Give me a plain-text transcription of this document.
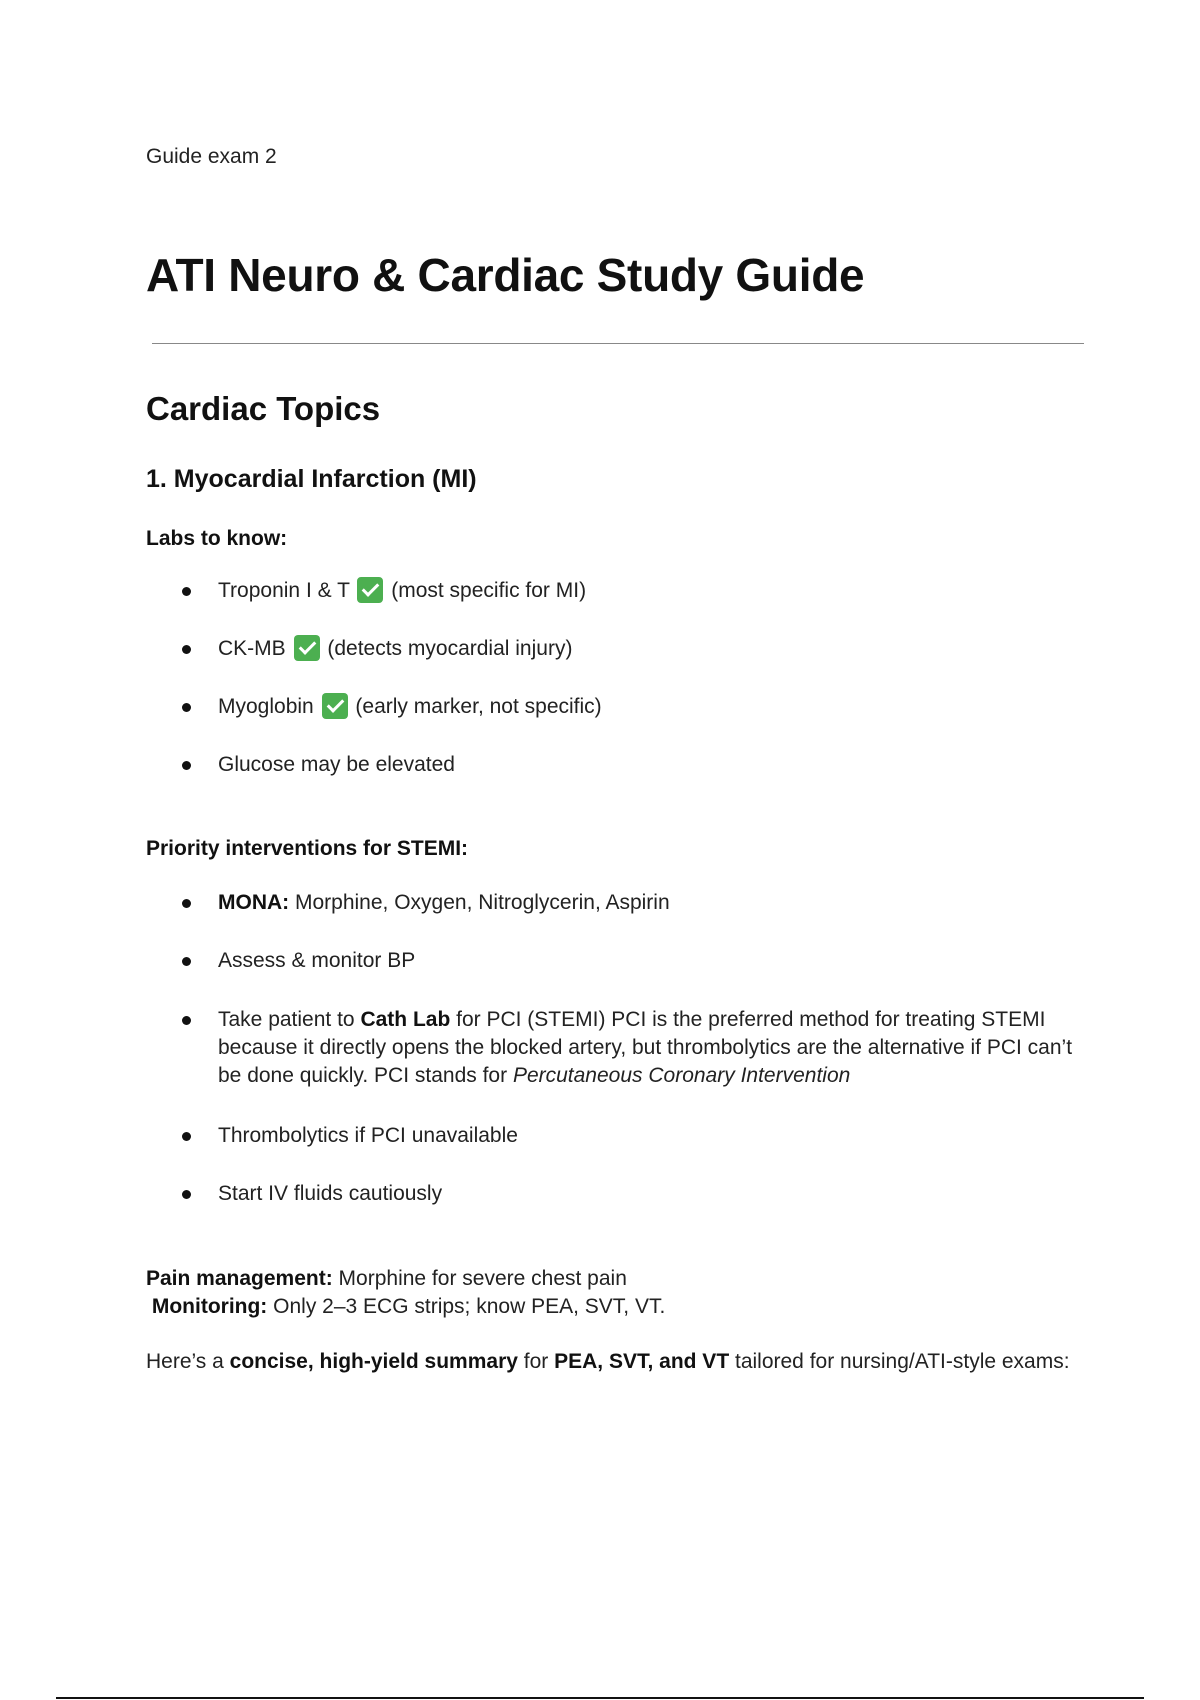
Guide exam 2
ATI Neuro & Cardiac Study Guide
Cardiac Topics
1. Myocardial Infarction (MI)
Labs to know:
Troponin I & T (most specific for MI)
CK-MB (detects myocardial injury)
Myoglobin (early marker, not specific)
Glucose may be elevated
Priority interventions for STEMI:
MONA: Morphine, Oxygen, Nitroglycerin, Aspirin
Assess & monitor BP
Take patient to Cath Lab for PCI (STEMI) PCI is the preferred method for treating STEMI because it directly opens the blocked artery, but thrombolytics are the alternative if PCI can’t be done quickly. PCI stands for Percutaneous Coronary Intervention
Thrombolytics if PCI unavailable
Start IV fluids cautiously
Pain management: Morphine for severe chest pain
Monitoring: Only 2–3 ECG strips; know PEA, SVT, VT.
Here’s a concise, high-yield summary for PEA, SVT, and VT tailored for nursing/ATI-style exams:
